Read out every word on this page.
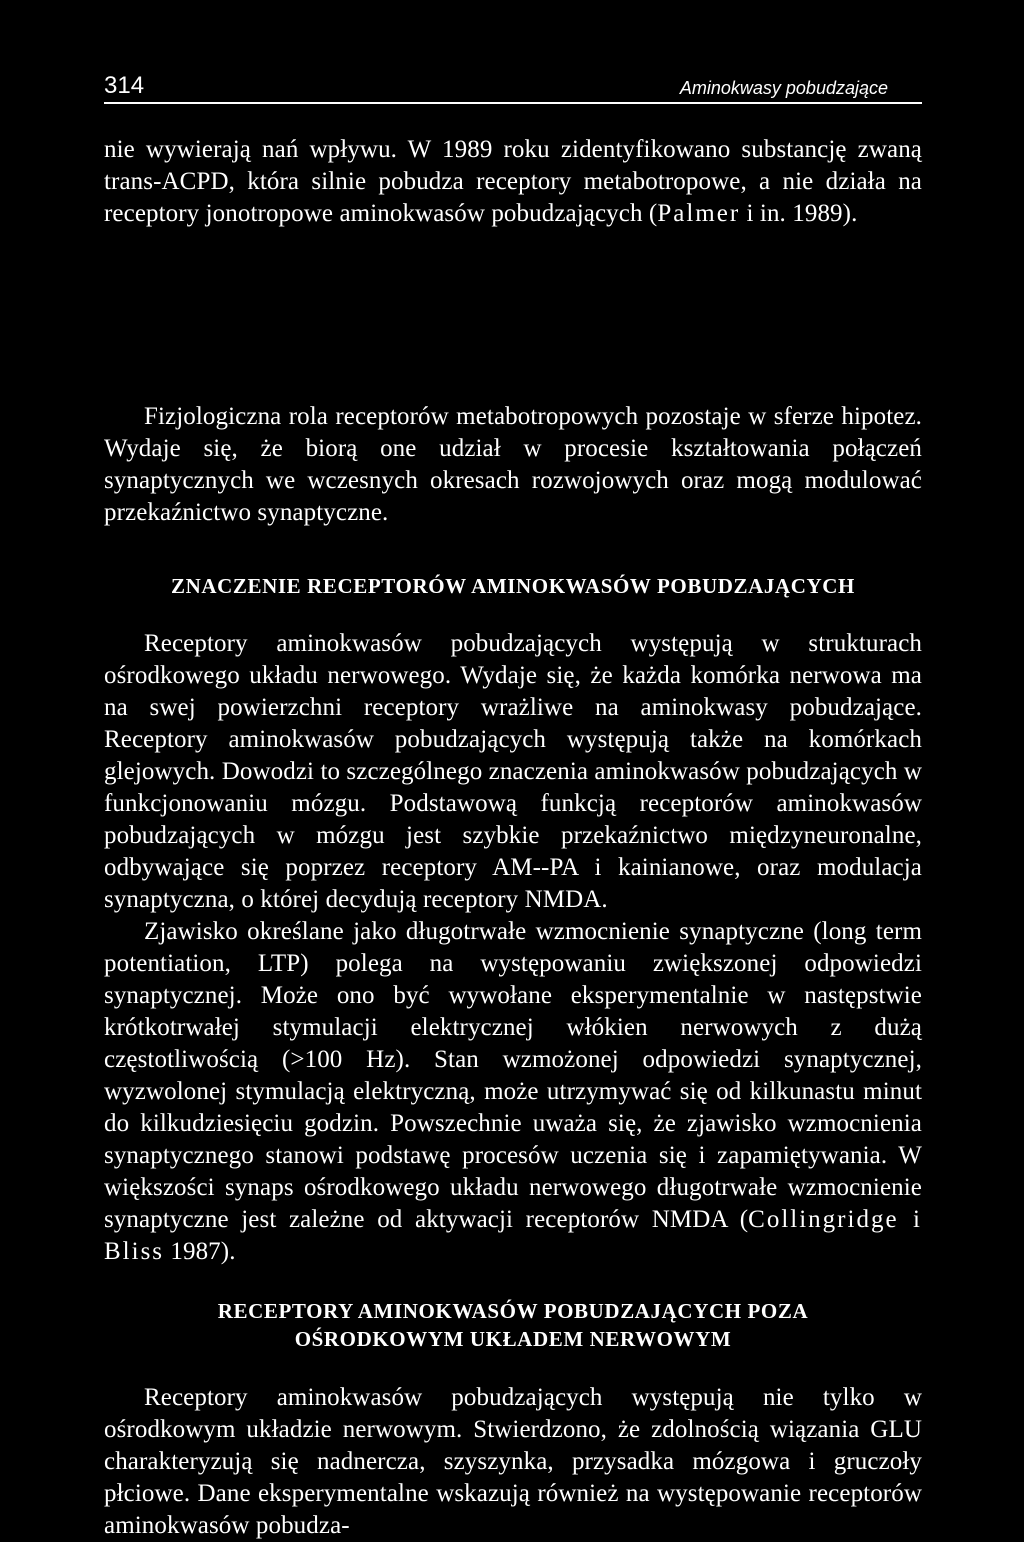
314	Aminokwasy pobudzające

nie wywierają nań wpływu. W 1989 roku zidentyfikowano substancję zwaną trans-ACPD, która silnie pobudza receptory metabotropowe, a nie działa na receptory jonotropowe aminokwasów pobudzających (Palmer i in. 1989).

Fizjologiczna rola receptorów metabotropowych pozostaje w sferze hipotez. Wydaje się, że biorą one udział w procesie kształtowania połączeń synaptycznych we wczesnych okresach rozwojowych oraz mogą modulować przekaźnictwo synaptyczne.

ZNACZENIE RECEPTORÓW AMINOKWASÓW POBUDZAJĄCYCH

Receptory aminokwasów pobudzających występują w strukturach ośrodkowego układu nerwowego. Wydaje się, że każda komórka nerwowa ma na swej powierzchni receptory wrażliwe na aminokwasy pobudzające. Receptory aminokwasów pobudzających występują także na komórkach glejowych. Dowodzi to szczególnego znaczenia aminokwasów pobudzających w funkcjonowaniu mózgu. Podstawową funkcją receptorów aminokwasów pobudzających w mózgu jest szybkie przekaźnictwo międzyneuronalne, odbywające się poprzez receptory AM--PA i kainianowe, oraz modulacja synaptyczna, o której decydują receptory NMDA.

Zjawisko określane jako długotrwałe wzmocnienie synaptyczne (long term potentiation, LTP) polega na występowaniu zwiększonej odpowiedzi synaptycznej. Może ono być wywołane eksperymentalnie w następstwie krótkotrwałej stymulacji elektrycznej włókien nerwowych z dużą częstotliwością (>100 Hz). Stan wzmożonej odpowiedzi synaptycznej, wyzwolonej stymulacją elektryczną, może utrzymywać się od kilkunastu minut do kilkudziesięciu godzin. Powszechnie uważa się, że zjawisko wzmocnienia synaptycznego stanowi podstawę procesów uczenia się i zapamiętywania. W większości synaps ośrodkowego układu nerwowego długotrwałe wzmocnienie synaptyczne jest zależne od aktywacji receptorów NMDA (Collingridge i Bliss 1987).

RECEPTORY AMINOKWASÓW POBUDZAJĄCYCH POZA
OŚRODKOWYM UKŁADEM NERWOWYM

Receptory aminokwasów pobudzających występują nie tylko w ośrodkowym układzie nerwowym. Stwierdzono, że zdolnością wiązania GLU charakteryzują się nadnercza, szyszynka, przysadka mózgowa i gruczoły płciowe. Dane eksperymentalne wskazują również na występowanie receptorów aminokwasów pobudza-
